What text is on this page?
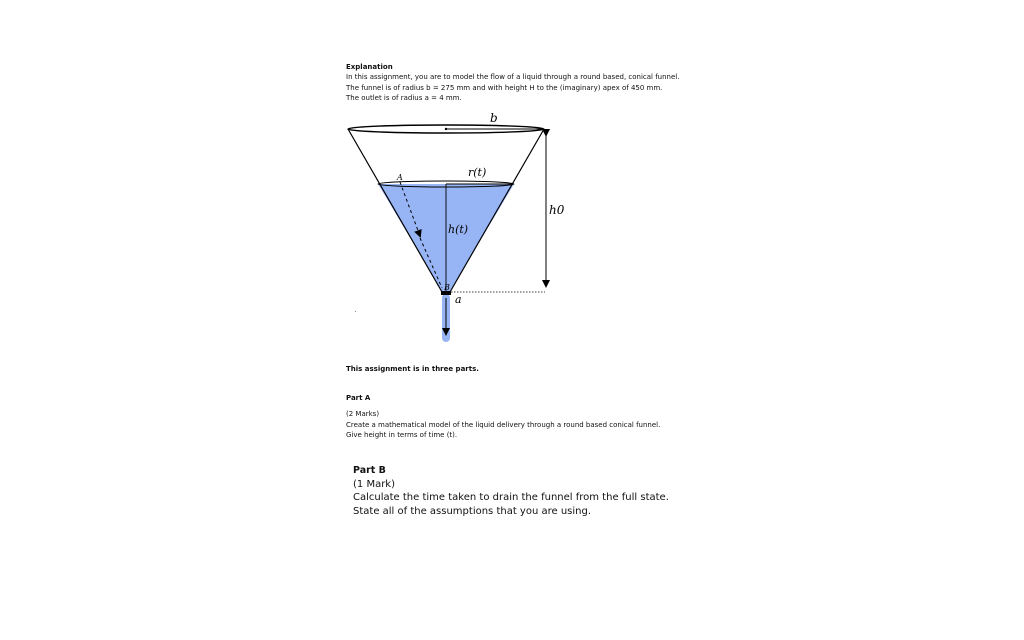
Explanation
In this assignment, you are to model the flow of a liquid through a round based, conical funnel.
The funnel is of radius b = 275 mm and with height H to the (imaginary) apex of 450 mm.
The outlet is of radius a = 4 mm.
b
r(t)
A
h(t)
h0
B
a
This assignment is in three parts.
Part A
(2 Marks)
Create a mathematical model of the liquid delivery through a round based conical funnel.
Give height in terms of time (t).
Part B
(1 Mark)
Calculate the time taken to drain the funnel from the full state.
State all of the assumptions that you are using.
